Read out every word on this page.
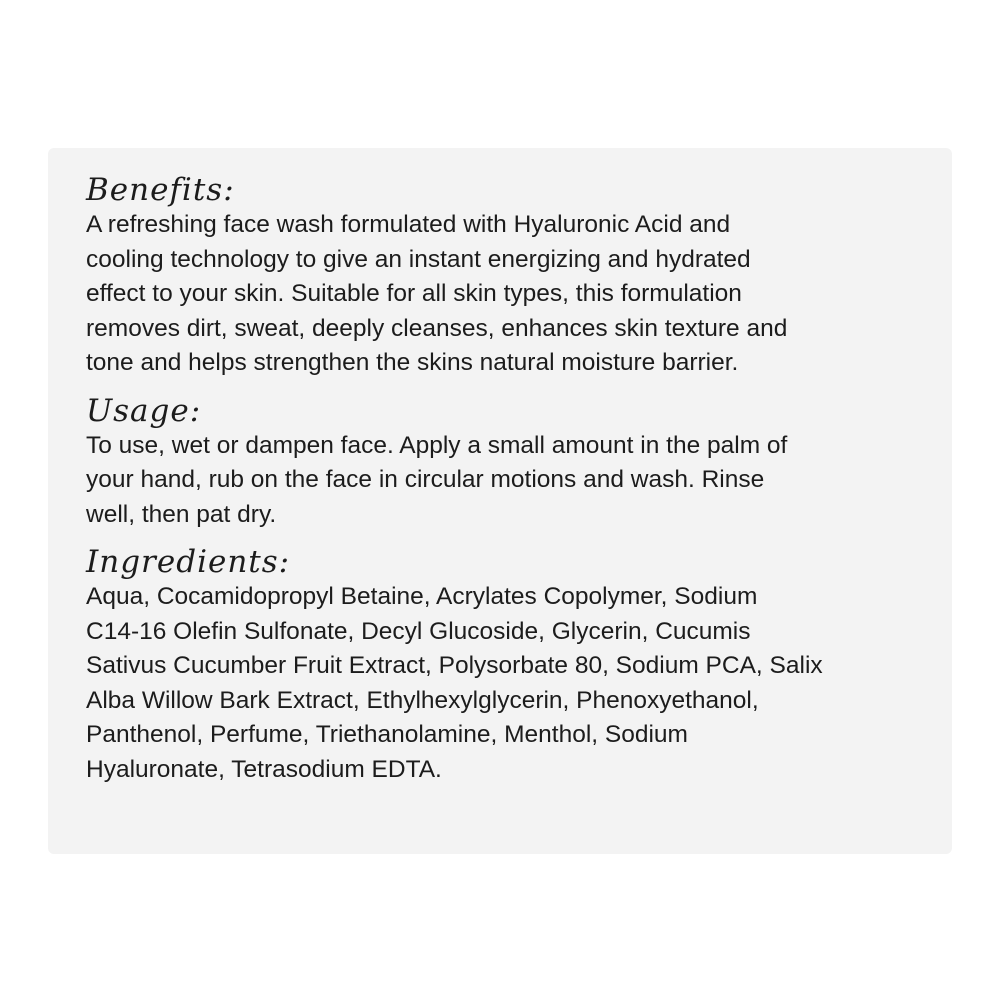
Benefits:

A refreshing face wash formulated with Hyaluronic Acid and

cooling technology to give an instant energizing and hydrated

effect to your skin. Suitable for all skin types, this formulation

removes dirt, sweat, deeply cleanses, enhances skin texture and

tone and helps strengthen the skins natural moisture barrier.

Usage:

To use, wet or dampen face. Apply a small amount in the palm of

your hand, rub on the face in circular motions and wash. Rinse

well, then pat dry.

Ingredients:

Aqua, Cocamidopropyl Betaine, Acrylates Copolymer, Sodium

C14-16 Olefin Sulfonate, Decyl Glucoside, Glycerin, Cucumis

Sativus Cucumber Fruit Extract, Polysorbate 80, Sodium PCA, Salix

Alba Willow Bark Extract, Ethylhexylglycerin, Phenoxyethanol,

Panthenol, Perfume, Triethanolamine, Menthol, Sodium

Hyaluronate, Tetrasodium EDTA.
